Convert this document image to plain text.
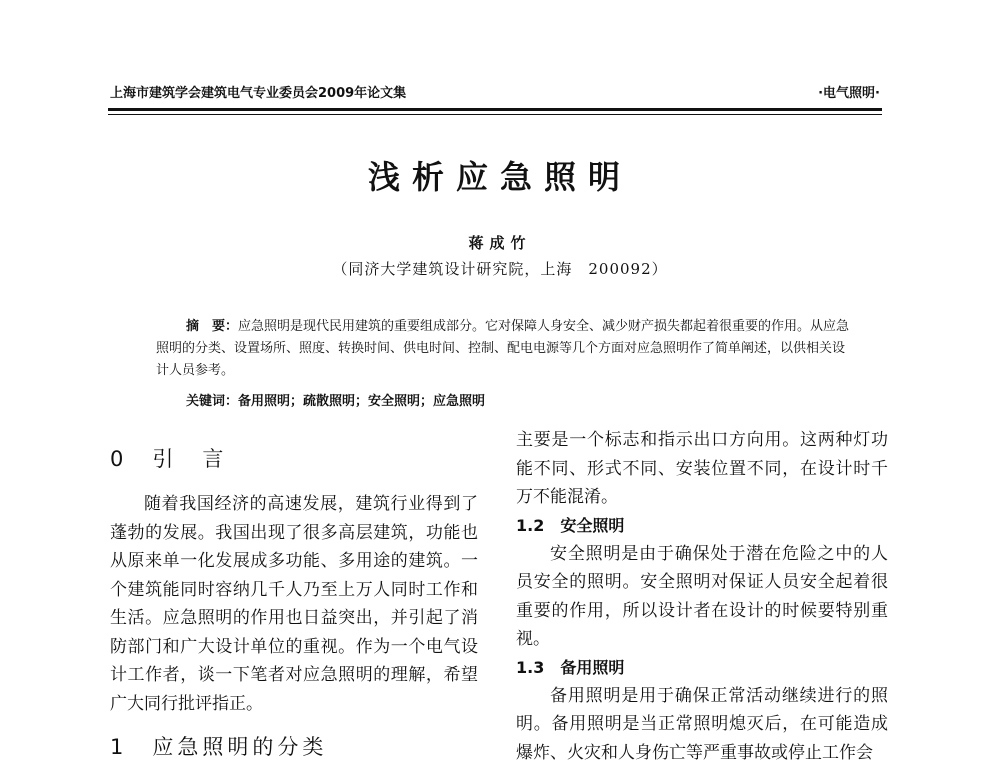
上海市建筑学会建筑电气专业委员会2009年论文集	·电气照明·
浅析应急照明
蒋成竹
（同济大学建筑设计研究院，上海　200092）
摘　要：应急照明是现代民用建筑的重要组成部分。它对保障人身安全、减少财产损失都起着很重要的作用。从应急照明的分类、设置场所、照度、转换时间、供电时间、控制、配电电源等几个方面对应急照明作了简单阐述，以供相关设计人员参考。
关键词：备用照明；疏散照明；安全照明；应急照明
0　引　言

随着我国经济的高速发展，建筑行业得到了蓬勃的发展。我国出现了很多高层建筑，功能也从原来单一化发展成多功能、多用途的建筑。一个建筑能同时容纳几千人乃至上万人同时工作和生活。应急照明的作用也日益突出，并引起了消防部门和广大设计单位的重视。作为一个电气设计工作者，谈一下笔者对应急照明的理解，希望广大同行批评指正。

1　应急照明的分类

主要是一个标志和指示出口方向用。这两种灯功能不同、形式不同、安装位置不同，在设计时千万不能混淆。

1.2　安全照明

安全照明是由于确保处于潜在危险之中的人员安全的照明。安全照明对保证人员安全起着很重要的作用，所以设计者在设计的时候要特别重视。

1.3　备用照明

备用照明是用于确保正常活动继续进行的照明。备用照明是当正常照明熄灭后，在可能造成爆炸、火灾和人身伤亡等严重事故或停止工作会
